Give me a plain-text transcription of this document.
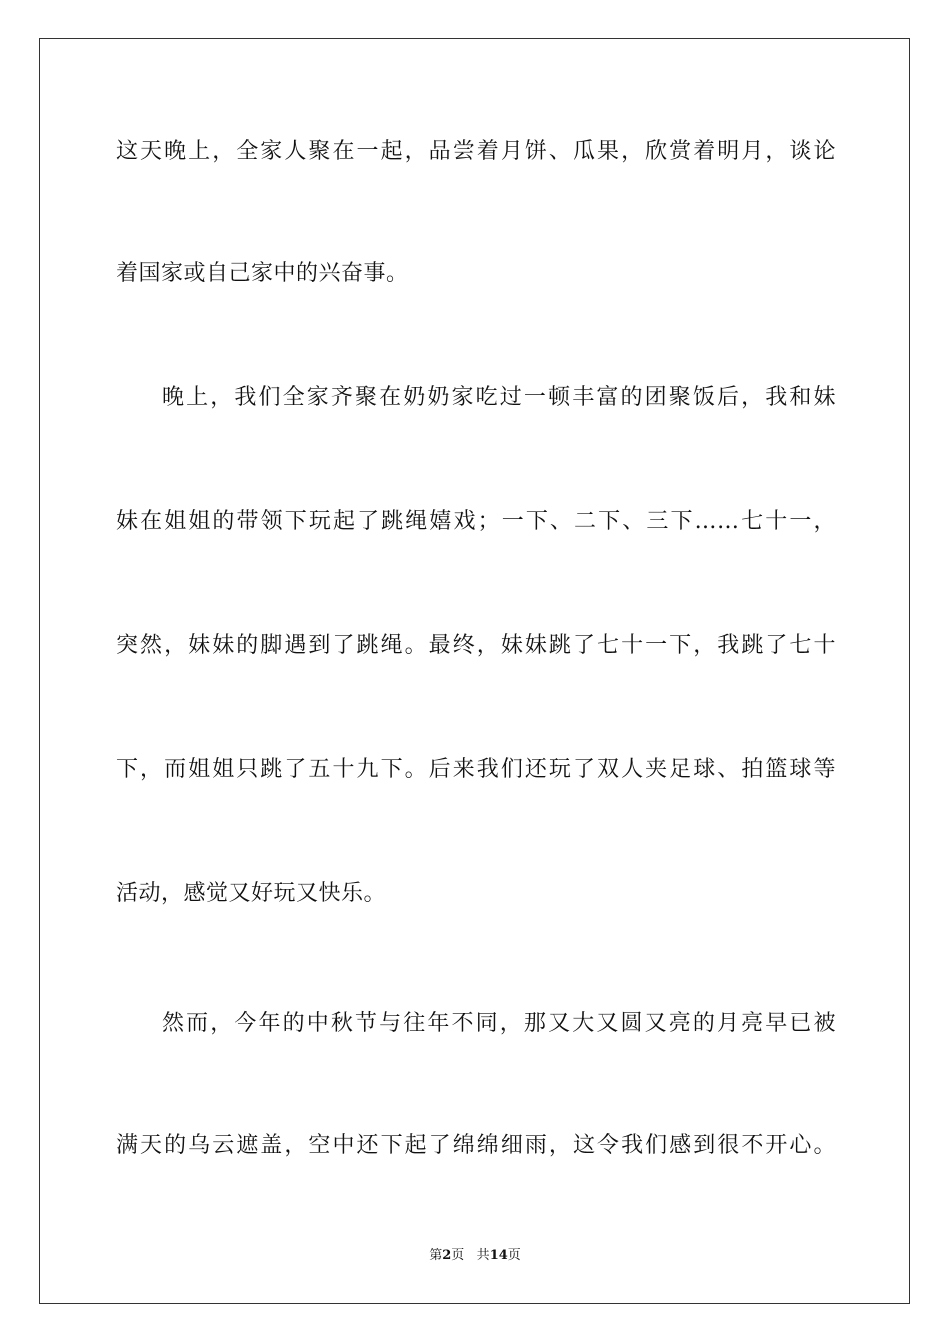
这天晚上，全家人聚在一起，品尝着月饼、瓜果，欣赏着明月，谈论
着国家或自己家中的兴奋事。
晚上，我们全家齐聚在奶奶家吃过一顿丰富的团聚饭后，我和妹
妹在姐姐的带领下玩起了跳绳嬉戏；一下、二下、三下……七十一，
突然，妹妹的脚遇到了跳绳。最终，妹妹跳了七十一下，我跳了七十
下，而姐姐只跳了五十九下。后来我们还玩了双人夹足球、拍篮球等
活动，感觉又好玩又快乐。
然而，今年的中秋节与往年不同，那又大又圆又亮的月亮早已被
满天的乌云遮盖，空中还下起了绵绵细雨，这令我们感到很不开心。
第2页 共14页
